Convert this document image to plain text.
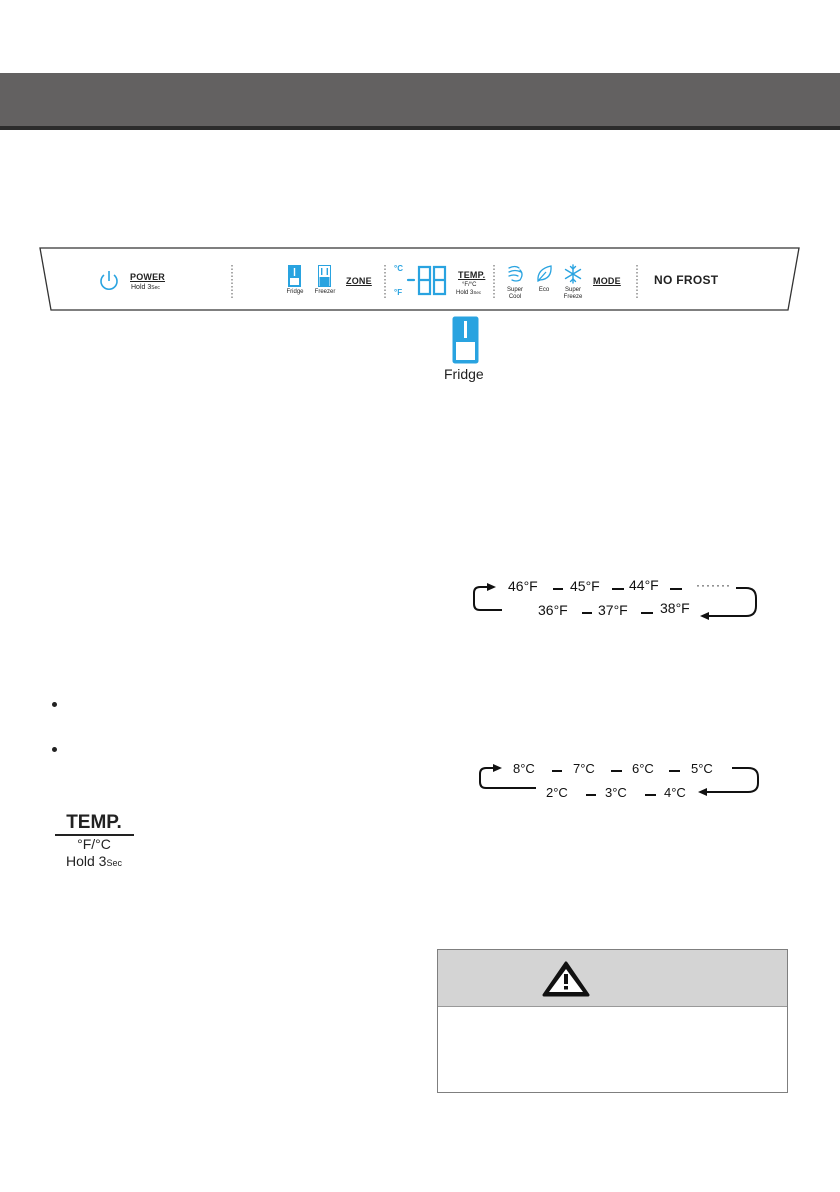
POWER
Hold 3Sec
Fridge	Freezer
ZONE
°C
°F
TEMP.
°F/°C
Hold 3Sec	Super
Cool
Eco	Super
Freeze
MODE	NO FROST
Fridge
46°F 45°F 44°F	·······
36°F 37°F 38°F
8°C	7°C	6°C	5°C
2°C	3°C	4°C
TEMP.
°F/°C
Hold 3Sec
